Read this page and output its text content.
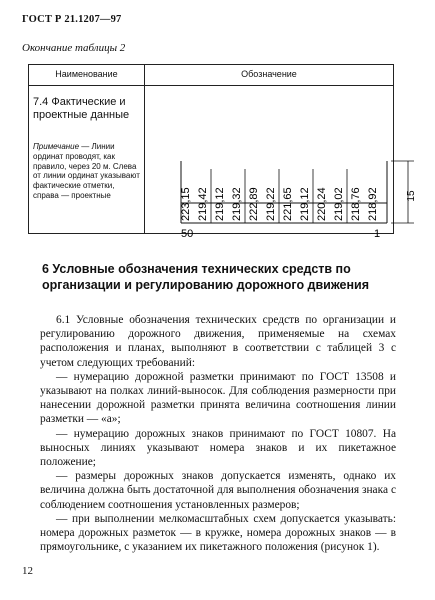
ГОСТ Р 21.1207—97
Окончание таблицы 2
Наименование	Обозначение
7.4 Фактические и проектные данные
Примечание — Линии ординат проводят, как правило, через 20 м. Слева от линии ординат указывают фактические отметки, справа — проектные	223,15 219,42 219,12 219,32 222,89 219,22 221,65 219,12 220,24 219,02 218,76 218,92
50	1
15
6 Условные обозначения технических средств по организации и регулированию дорожного движения

6.1 Условные обозначения технических средств по организации и регулированию дорожного движения, применяемые на схемах расположения и планах, выполняют в соответствии с таблицей 3 с учетом следующих требований:

— нумерацию дорожной разметки принимают по ГОСТ 13508 и указывают на полках линий-выносок. Для соблюдения размерности при нанесении дорожной разметки принята величина соотношения линии разметки — «а»;

— нумерацию дорожных знаков принимают по ГОСТ 10807. На выносных линиях указывают номера знаков и их пикетажное положение;

— размеры дорожных знаков допускается изменять, однако их величина должна быть достаточной для выполнения обозначения знака с соблюдением соотношения установленных размеров;

— при выполнении мелкомасштабных схем допускается указывать: номера дорожных разметок — в кружке, номера дорожных знаков — в прямоугольнике, с указанием их пикетажного положения (рисунок 1).

12
